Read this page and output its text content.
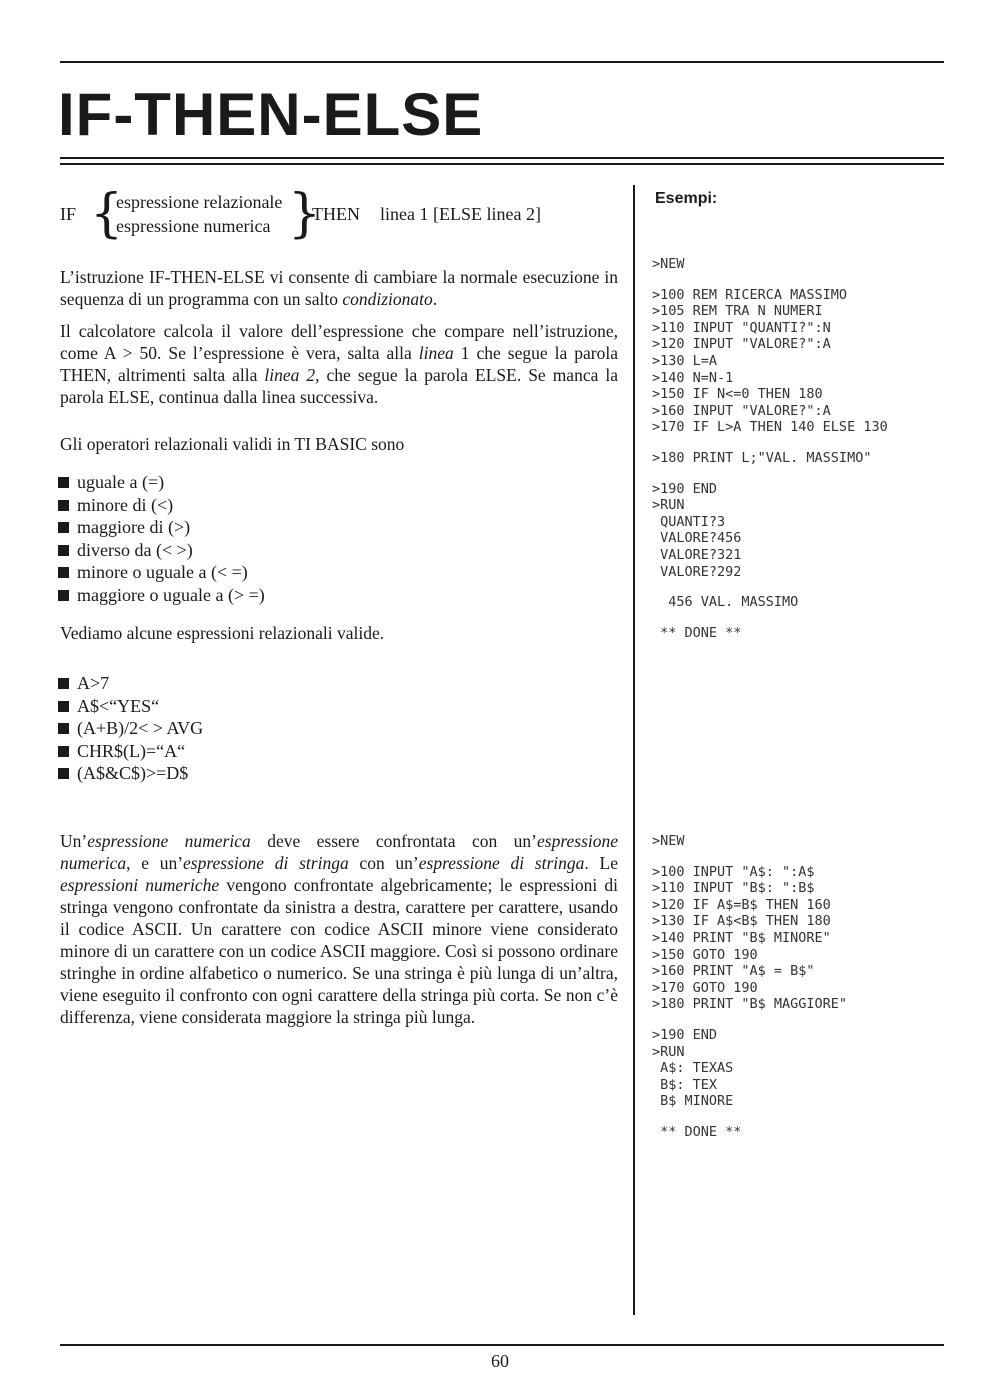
IF-THEN-ELSE
IF {
espressione relazionale
espressione numerica }
THEN linea 1 [ELSE linea 2]

L’istruzione IF-THEN-ELSE vi consente di cambiare la normale esecuzione in sequenza di un programma con un salto condizionato.

Il calcolatore calcola il valore dell’espressione che compare nell’istruzione, come A > 50. Se l’espressione è vera, salta alla linea 1 che segue la parola THEN, altrimenti salta alla linea 2, che segue la parola ELSE. Se manca la parola ELSE, continua dalla linea successiva.

Gli operatori relazionali validi in TI BASIC sono
uguale a (=)
minore di (<)
maggiore di (>)
diverso da (< >)
minore o uguale a (< =)
maggiore o uguale a (> =)
Vediamo alcune espressioni relazionali valide.
A>7
A$<“YES“
(A+B)/2< > AVG
CHR$(L)=“A“
(A$&C$)>=D$

Un’espressione numerica deve essere confrontata con un’espressione numerica, e un’espressione di stringa con un’espressione di stringa. Le espressioni numeriche vengono confrontate algebricamente; le espressioni di stringa vengono confrontate da sinistra a destra, carattere per carattere, usando il codice ASCII. Un carattere con codice ASCII minore viene considerato minore di un carattere con un codice ASCII maggiore. Così si possono ordinare stringhe in ordine alfabetico o numerico. Se una stringa è più lunga di un’altra, viene eseguito il confronto con ogni carattere della stringa più corta. Se non c’è differenza, viene considerata maggiore la stringa più lunga.

Esempi:
>NEW
>100 REM RICERCA MASSIMO
>105 REM TRA N NUMERI
>110 INPUT "QUANTI?":N
>120 INPUT "VALORE?":A
>130 L=A
>140 N=N-1
>150 IF N<=0 THEN 180
>160 INPUT "VALORE?":A
>170 IF L>A THEN 140 ELSE 130
>180 PRINT L;"VAL. MASSIMO"
>190 END
>RUN
QUANTI?3
VALORE?456
VALORE?321
VALORE?292
456 VAL. MASSIMO
** DONE **
>NEW
>100 INPUT "A$: ":A$
>110 INPUT "B$: ":B$
>120 IF A$=B$ THEN 160
>130 IF A$<B$ THEN 180
>140 PRINT "B$ MINORE"
>150 GOTO 190
>160 PRINT "A$ = B$"
>170 GOTO 190
>180 PRINT "B$ MAGGIORE"
>190 END
>RUN
A$: TEXAS
B$: TEX
B$ MINORE
** DONE **
60
